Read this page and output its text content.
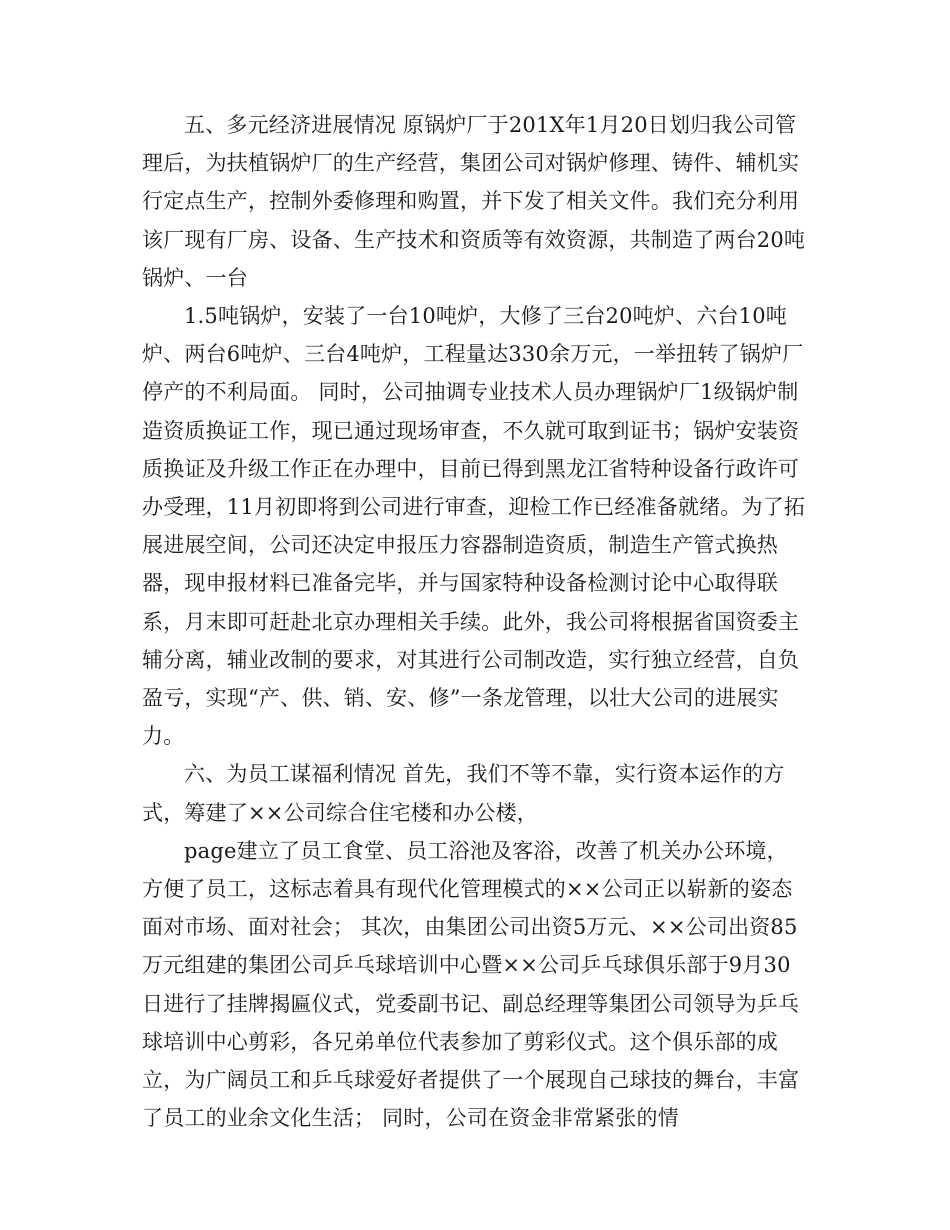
五、多元经济进展情况 原锅炉厂于201X年1月20日划归我公司管理后，为扶植锅炉厂的生产经营，集团公司对锅炉修理、铸件、辅机实行定点生产，控制外委修理和购置，并下发了相关文件。我们充分利用该厂现有厂房、设备、生产技术和资质等有效资源，共制造了两台20吨锅炉、一台

1.5吨锅炉，安装了一台10吨炉，大修了三台20吨炉、六台10吨炉、两台6吨炉、三台4吨炉，工程量达330余万元，一举扭转了锅炉厂停产的不利局面。 同时，公司抽调专业技术人员办理锅炉厂1级锅炉制造资质换证工作，现已通过现场审查，不久就可取到证书；锅炉安装资质换证及升级工作正在办理中，目前已得到黑龙江省特种设备行政许可办受理，11月初即将到公司进行审查，迎检工作已经准备就绪。为了拓展进展空间，公司还决定申报压力容器制造资质，制造生产管式换热器，现申报材料已准备完毕，并与国家特种设备检测讨论中心取得联系，月末即可赶赴北京办理相关手续。此外，我公司将根据省国资委主辅分离，辅业改制的要求，对其进行公司制改造，实行独立经营，自负盈亏，实现“产、供、销、安、修”一条龙管理，以壮大公司的进展实力。

六、为员工谋福利情况 首先，我们不等不靠，实行资本运作的方式，筹建了××公司综合住宅楼和办公楼，

page建立了员工食堂、员工浴池及客浴，改善了机关办公环境，方便了员工，这标志着具有现代化管理模式的××公司正以崭新的姿态面对市场、面对社会； 其次，由集团公司出资5万元、××公司出资85万元组建的集团公司乒乓球培训中心暨××公司乒乓球俱乐部于9月30日进行了挂牌揭匾仪式，党委副书记、副总经理等集团公司领导为乒乓球培训中心剪彩，各兄弟单位代表参加了剪彩仪式。这个俱乐部的成立，为广阔员工和乒乓球爱好者提供了一个展现自己球技的舞台，丰富了员工的业余文化生活； 同时，公司在资金非常紧张的情
